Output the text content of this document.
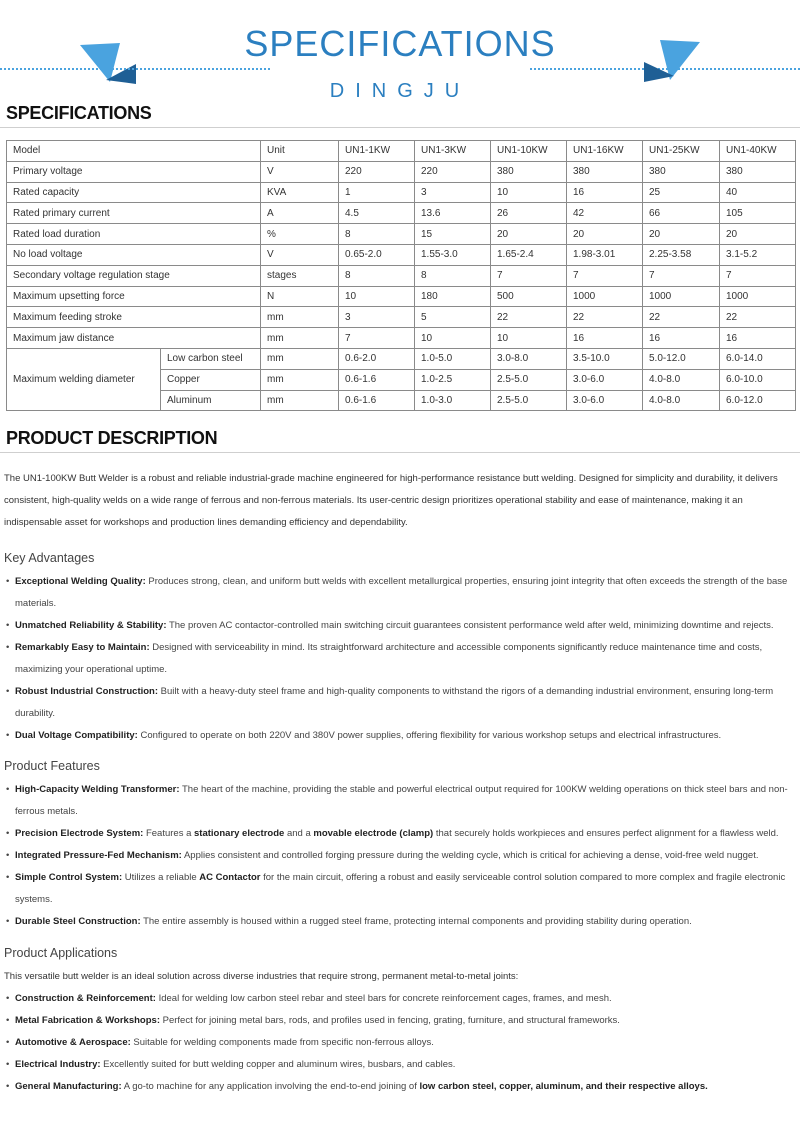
SPECIFICATIONS
DINGJU
SPECIFICATIONS
Model		Unit	UN1-1KW	UN1-3KW	UN1-10KW	UN1-16KW	UN1-25KW	UN1-40KW
Primary voltage		V	220	220	380	380	380	380
Rated capacity		KVA	1	3	10	16	25	40
Rated primary current		A	4.5	13.6	26	42	66	105
Rated load duration		%	8	15	20	20	20	20
No load voltage		V	0.65-2.0	1.55-3.0	1.65-2.4	1.98-3.01	2.25-3.58	3.1-5.2
Secondary voltage regulation stage		stages	8	8	7	7	7	7
Maximum upsetting force		N	10	180	500	1000	1000	1000
Maximum feeding stroke		mm	3	5	22	22	22	22
Maximum jaw distance		mm	7	10	10	16	16	16
Maximum welding diameter	Low carbon steel	mm	0.6-2.0	1.0-5.0	3.0-8.0	3.5-10.0	5.0-12.0	6.0-14.0
	Copper	mm	0.6-1.6	1.0-2.5	2.5-5.0	3.0-6.0	4.0-8.0	6.0-10.0
	Aluminum	mm	0.6-1.6	1.0-3.0	2.5-5.0	3.0-6.0	4.0-8.0	6.0-12.0
PRODUCT DESCRIPTION
The UN1-100KW Butt Welder is a robust and reliable industrial-grade machine engineered for high-performance resistance butt welding. Designed for simplicity and durability, it delivers consistent, high-quality welds on a wide range of ferrous and non-ferrous materials. Its user-centric design prioritizes operational stability and ease of maintenance, making it an indispensable asset for workshops and production lines demanding efficiency and dependability.
Key Advantages
• Exceptional Welding Quality: Produces strong, clean, and uniform butt welds with excellent metallurgical properties, ensuring joint integrity that often exceeds the strength of the base materials.
• Unmatched Reliability & Stability: The proven AC contactor-controlled main switching circuit guarantees consistent performance weld after weld, minimizing downtime and rejects.
• Remarkably Easy to Maintain: Designed with serviceability in mind. Its straightforward architecture and accessible components significantly reduce maintenance time and costs, maximizing your operational uptime.
• Robust Industrial Construction: Built with a heavy-duty steel frame and high-quality components to withstand the rigors of a demanding industrial environment, ensuring long-term durability.
• Dual Voltage Compatibility: Configured to operate on both 220V and 380V power supplies, offering flexibility for various workshop setups and electrical infrastructures.
Product Features
• High-Capacity Welding Transformer: The heart of the machine, providing the stable and powerful electrical output required for 100KW welding operations on thick steel bars and non-ferrous metals.
• Precision Electrode System: Features a stationary electrode and a movable electrode (clamp) that securely holds workpieces and ensures perfect alignment for a flawless weld.
• Integrated Pressure-Fed Mechanism: Applies consistent and controlled forging pressure during the welding cycle, which is critical for achieving a dense, void-free weld nugget.
• Simple Control System: Utilizes a reliable AC Contactor for the main circuit, offering a robust and easily serviceable control solution compared to more complex and fragile electronic systems.
• Durable Steel Construction: The entire assembly is housed within a rugged steel frame, protecting internal components and providing stability during operation.
Product Applications
This versatile butt welder is an ideal solution across diverse industries that require strong, permanent metal-to-metal joints:
• Construction & Reinforcement: Ideal for welding low carbon steel rebar and steel bars for concrete reinforcement cages, frames, and mesh.
• Metal Fabrication & Workshops: Perfect for joining metal bars, rods, and profiles used in fencing, grating, furniture, and structural frameworks.
• Automotive & Aerospace: Suitable for welding components made from specific non-ferrous alloys.
• Electrical Industry: Excellently suited for butt welding copper and aluminum wires, busbars, and cables.
• General Manufacturing: A go-to machine for any application involving the end-to-end joining of low carbon steel, copper, aluminum, and their respective alloys.
